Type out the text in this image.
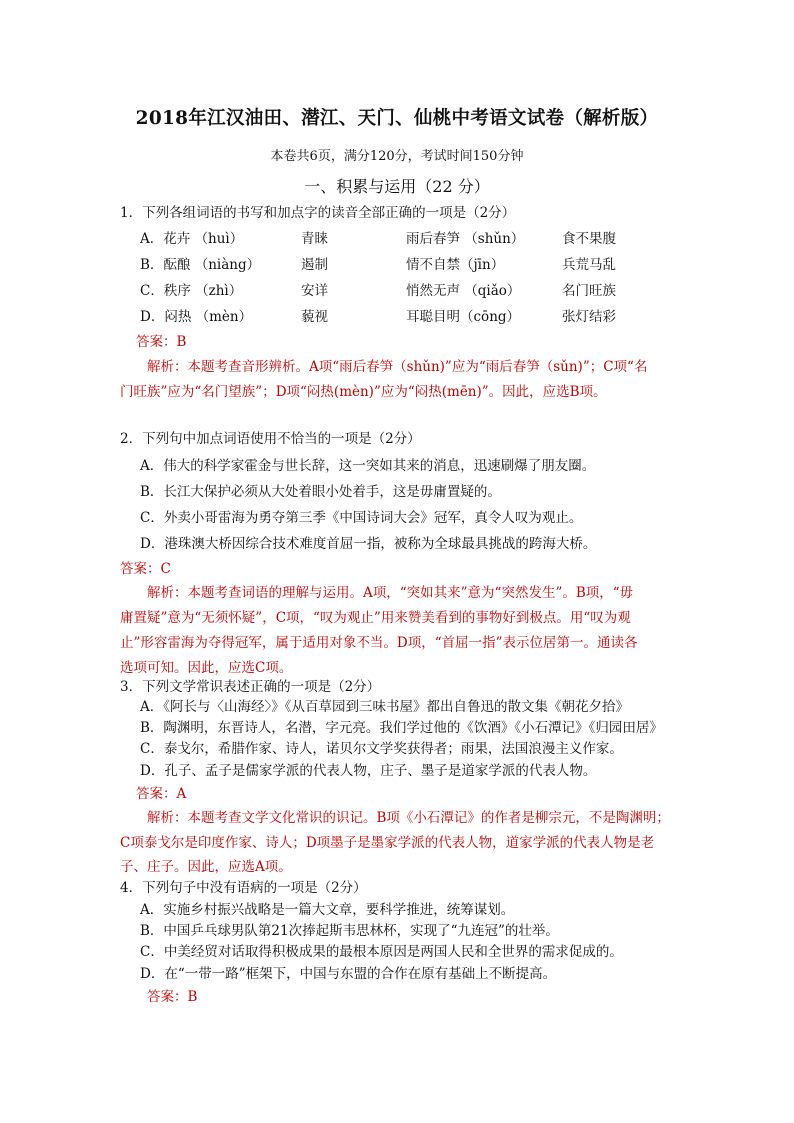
2018年江汉油田、潜江、天门、仙桃中考语文试卷（解析版）
本卷共6页，满分120分，考试时间150分钟
一、积累与运用（22 分）
1．下列各组词语的书写和加点字的读音全部正确的一项是（2分）
A．花卉 （huì）	青睐	雨后春笋 （shǔn）	食不果腹
B．酝酿 （niàng）	遏制	情不自禁（jīn）	兵荒马乱
C．秩序 （zhì）	安详	悄然无声 （qiǎo）	名门旺族
D．闷热 （mèn）	藐视	耳聪目明（cōng）	张灯结彩
答案：B
解析：本题考查音形辨析。A项“雨后春笋（shǔn)”应为“雨后春笋（sǔn)”；C项“名
门旺族”应为“名门望族”；D项“闷热(mèn)”应为“闷热(mēn)”。因此，应选B项。
2．下列句中加点词语使用不恰当的一项是（2分）
A．伟大的科学家霍金与世长辞，这一突如其来的消息，迅速刷爆了朋友圈。
B．长江大保护必须从大处着眼小处着手，这是毋庸置疑的。
C．外卖小哥雷海为勇夺第三季《中国诗词大会》冠军，真令人叹为观止。
D．港珠澳大桥因综合技术难度首屈一指，被称为全球最具挑战的跨海大桥。
答案：C
解析：本题考查词语的理解与运用。A项，“突如其来”意为“突然发生”。B项，“毋
庸置疑”意为“无须怀疑”，C项，“叹为观止”用来赞美看到的事物好到极点。用“叹为观
止”形容雷海为夺得冠军，属于适用对象不当。D项，“首屈一指”表示位居第一。通读各
选项可知。因此，应选C项。
3．下列文学常识表述正确的一项是（2分）
A．《阿长与〈山海经〉》《从百草园到三味书屋》都出自鲁迅的散文集《朝花夕拾》
B．陶渊明，东晋诗人，名潜，字元亮。我们学过他的《饮酒》《小石潭记》《归园田居》
C．泰戈尔，希腊作家、诗人，诺贝尔文学奖获得者；雨果，法国浪漫主义作家。
D．孔子、孟子是儒家学派的代表人物，庄子、墨子是道家学派的代表人物。
答案：A
解析：本题考查文学文化常识的识记。B项《小石潭记》的作者是柳宗元，不是陶渊明；
C项泰戈尔是印度作家、诗人；D项墨子是墨家学派的代表人物，道家学派的代表人物是老
子、庄子。因此，应选A项。
4．下列句子中没有语病的一项是（2分）
A．实施乡村振兴战略是一篇大文章，要科学推进，统筹谋划。
B．中国乒乓球男队第21次捧起斯韦思林杯，实现了“九连冠”的壮举。
C．中美经贸对话取得积极成果的最根本原因是两国人民和全世界的需求促成的。
D．在“一带一路”框架下，中国与东盟的合作在原有基础上不断提高。
答案：B
